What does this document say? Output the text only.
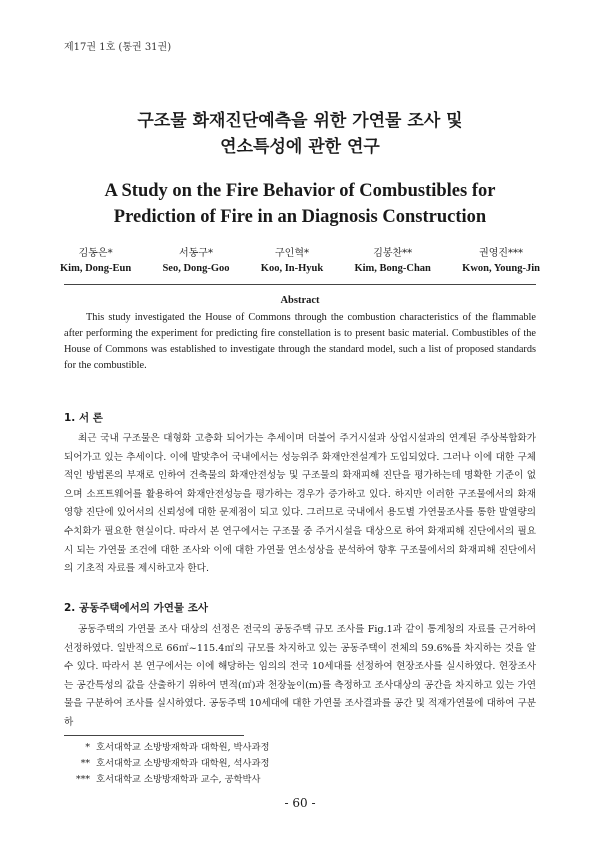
제17권 1호 (통권 31권)
구조물 화재진단예측을 위한 가연물 조사 및
연소특성에 관한 연구
A Study on the Fire Behavior of Combustibles for
Prediction of Fire in an Diagnosis Construction
김동은*
Kim, Dong-Eun
서동구*
Seo, Dong-Goo
구인혁*
Koo, In-Hyuk
김봉찬**
Kim, Bong-Chan
권영진***
Kwon, Young-Jin
Abstract

This study investigated the House of Commons through the combustion characteristics of the flammable after performing the experiment for predicting fire constellation is to present basic material. Combustibles of the House of Commons was established to investigate through the standard model, such a list of proposed standards for the combustible.

1. 서 론

최근 국내 구조물은 대형화 고층화 되어가는 추세이며 더불어 주거시설과 상업시설과의 연계된 주상복합화가 되어가고 있는 추세이다. 이에 발맞추어 국내에서는 성능위주 화재안전설계가 도입되었다. 그러나 이에 대한 구체적인 방법론의 부재로 인하여 건축물의 화재안전성능 및 구조물의 화재피해 진단을 평가하는데 명확한 기준이 없으며 소프트웨어를 활용하여 화재안전성능을 평가하는 경우가 증가하고 있다. 하지만 이러한 구조물에서의 화재영향 진단에 있어서의 신뢰성에 대한 문제점이 되고 있다. 그러므로 국내에서 용도별 가연물조사를 통한 발열량의 수치화가 필요한 현실이다. 따라서 본 연구에서는 구조물 중 주거시설을 대상으로 하여 화재피해 진단에서의 필요시 되는 가연물 조건에 대한 조사와 이에 대한 가연물 연소성상을 분석하여 향후 구조물에서의 화재피해 진단에서의 기초적 자료를 제시하고자 한다.

2. 공동주택에서의 가연물 조사

공동주택의 가연물 조사 대상의 선정은 전국의 공동주택 규모 조사를 Fig.1과 같이 통계청의 자료를 근거하여 선정하였다. 일반적으로 66㎡~115.4㎡의 규모를 차지하고 있는 공동주택이 전체의 59.6%를 차지하는 것을 알 수 있다. 따라서 본 연구에서는 이에 해당하는 임의의 전국 10세대를 선정하여 현장조사를 실시하였다. 현장조사는 공간특성의 값을 산출하기 위하여 면적(㎡)과 천장높이(m)를 측정하고 조사대상의 공간을 차지하고 있는 가연물을 구분하여 조사를 실시하였다. 공동주택 10세대에 대한 가연물 조사결과를 공간 및 적재가연물에 대하여 구분하

* 호서대학교 소방방재학과 대학원, 박사과정
** 호서대학교 소방방재학과 대학원, 석사과정
*** 호서대학교 소방방재학과 교수, 공학박사
- 60 -
